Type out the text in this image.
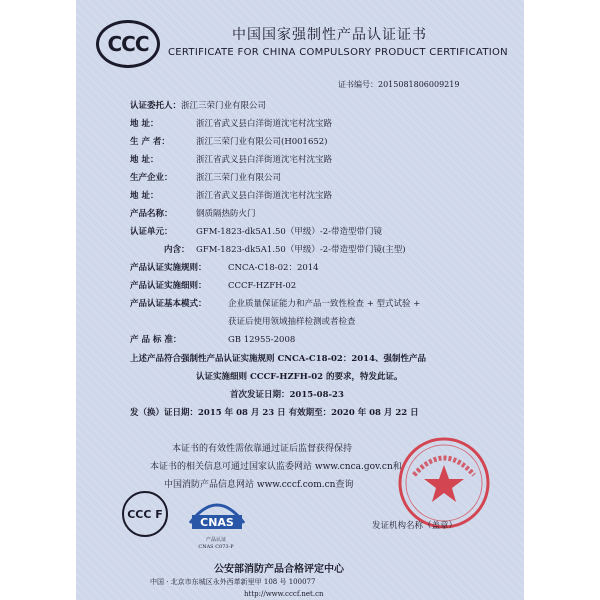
CCC	中国国家强制性产品认证证书
CERTIFICATE FOR CHINA COMPULSORY PRODUCT CERTIFICATION
证书编号：2015081806009219
认证委托人：浙江三荣门业有限公司
地 址：	浙江省武义县白洋街道沈宅村沈宝路
生 产 者：	浙江三荣门业有限公司(H001652)
地 址：	浙江省武义县白洋街道沈宅村沈宝路
生产企业：	浙江三荣门业有限公司
地 址：	浙江省武义县白洋街道沈宅村沈宝路
产品名称：	钢质隔热防火门
认证单元：	GFM-1823-dk5A1.50（甲级）-2-带造型带门镜
内含： GFM-1823-dk5A1.50（甲级）-2-带造型带门镜(主型)
产品认证实施规则：	CNCA-C18-02：2014
产品认证实施细则：	CCCF-HZFH-02
产品认证基本模式：	企业质量保证能力和产品一致性检查 + 型式试验 +
获证后使用领域抽样检测或者检查
产 品 标 准：	GB 12955-2008
上述产品符合强制性产品认证实施规则 CNCA-C18-02：2014、强制性产品
认证实施细则 CCCF-HZFH-02 的要求，特发此证。
首次发证日期：2015-08-23
发（换）证日期：2015 年 08 月 23 日 有效期至：2020 年 08 月 22 日
本证书的有效性需依靠通过证后监督获得保持
本证书的相关信息可通过国家认监委网站 www.cnca.gov.cn和
中国消防产品信息网站 www.cccf.com.cn查询
CCC F
CNAS
产品认证
CNAS C073-P
发证机构名称（盖章）
公安部消防产品合格评定中心
中国 · 北京市东城区永外西革新里甲 108 号 100077
http://www.cccf.net.cn
